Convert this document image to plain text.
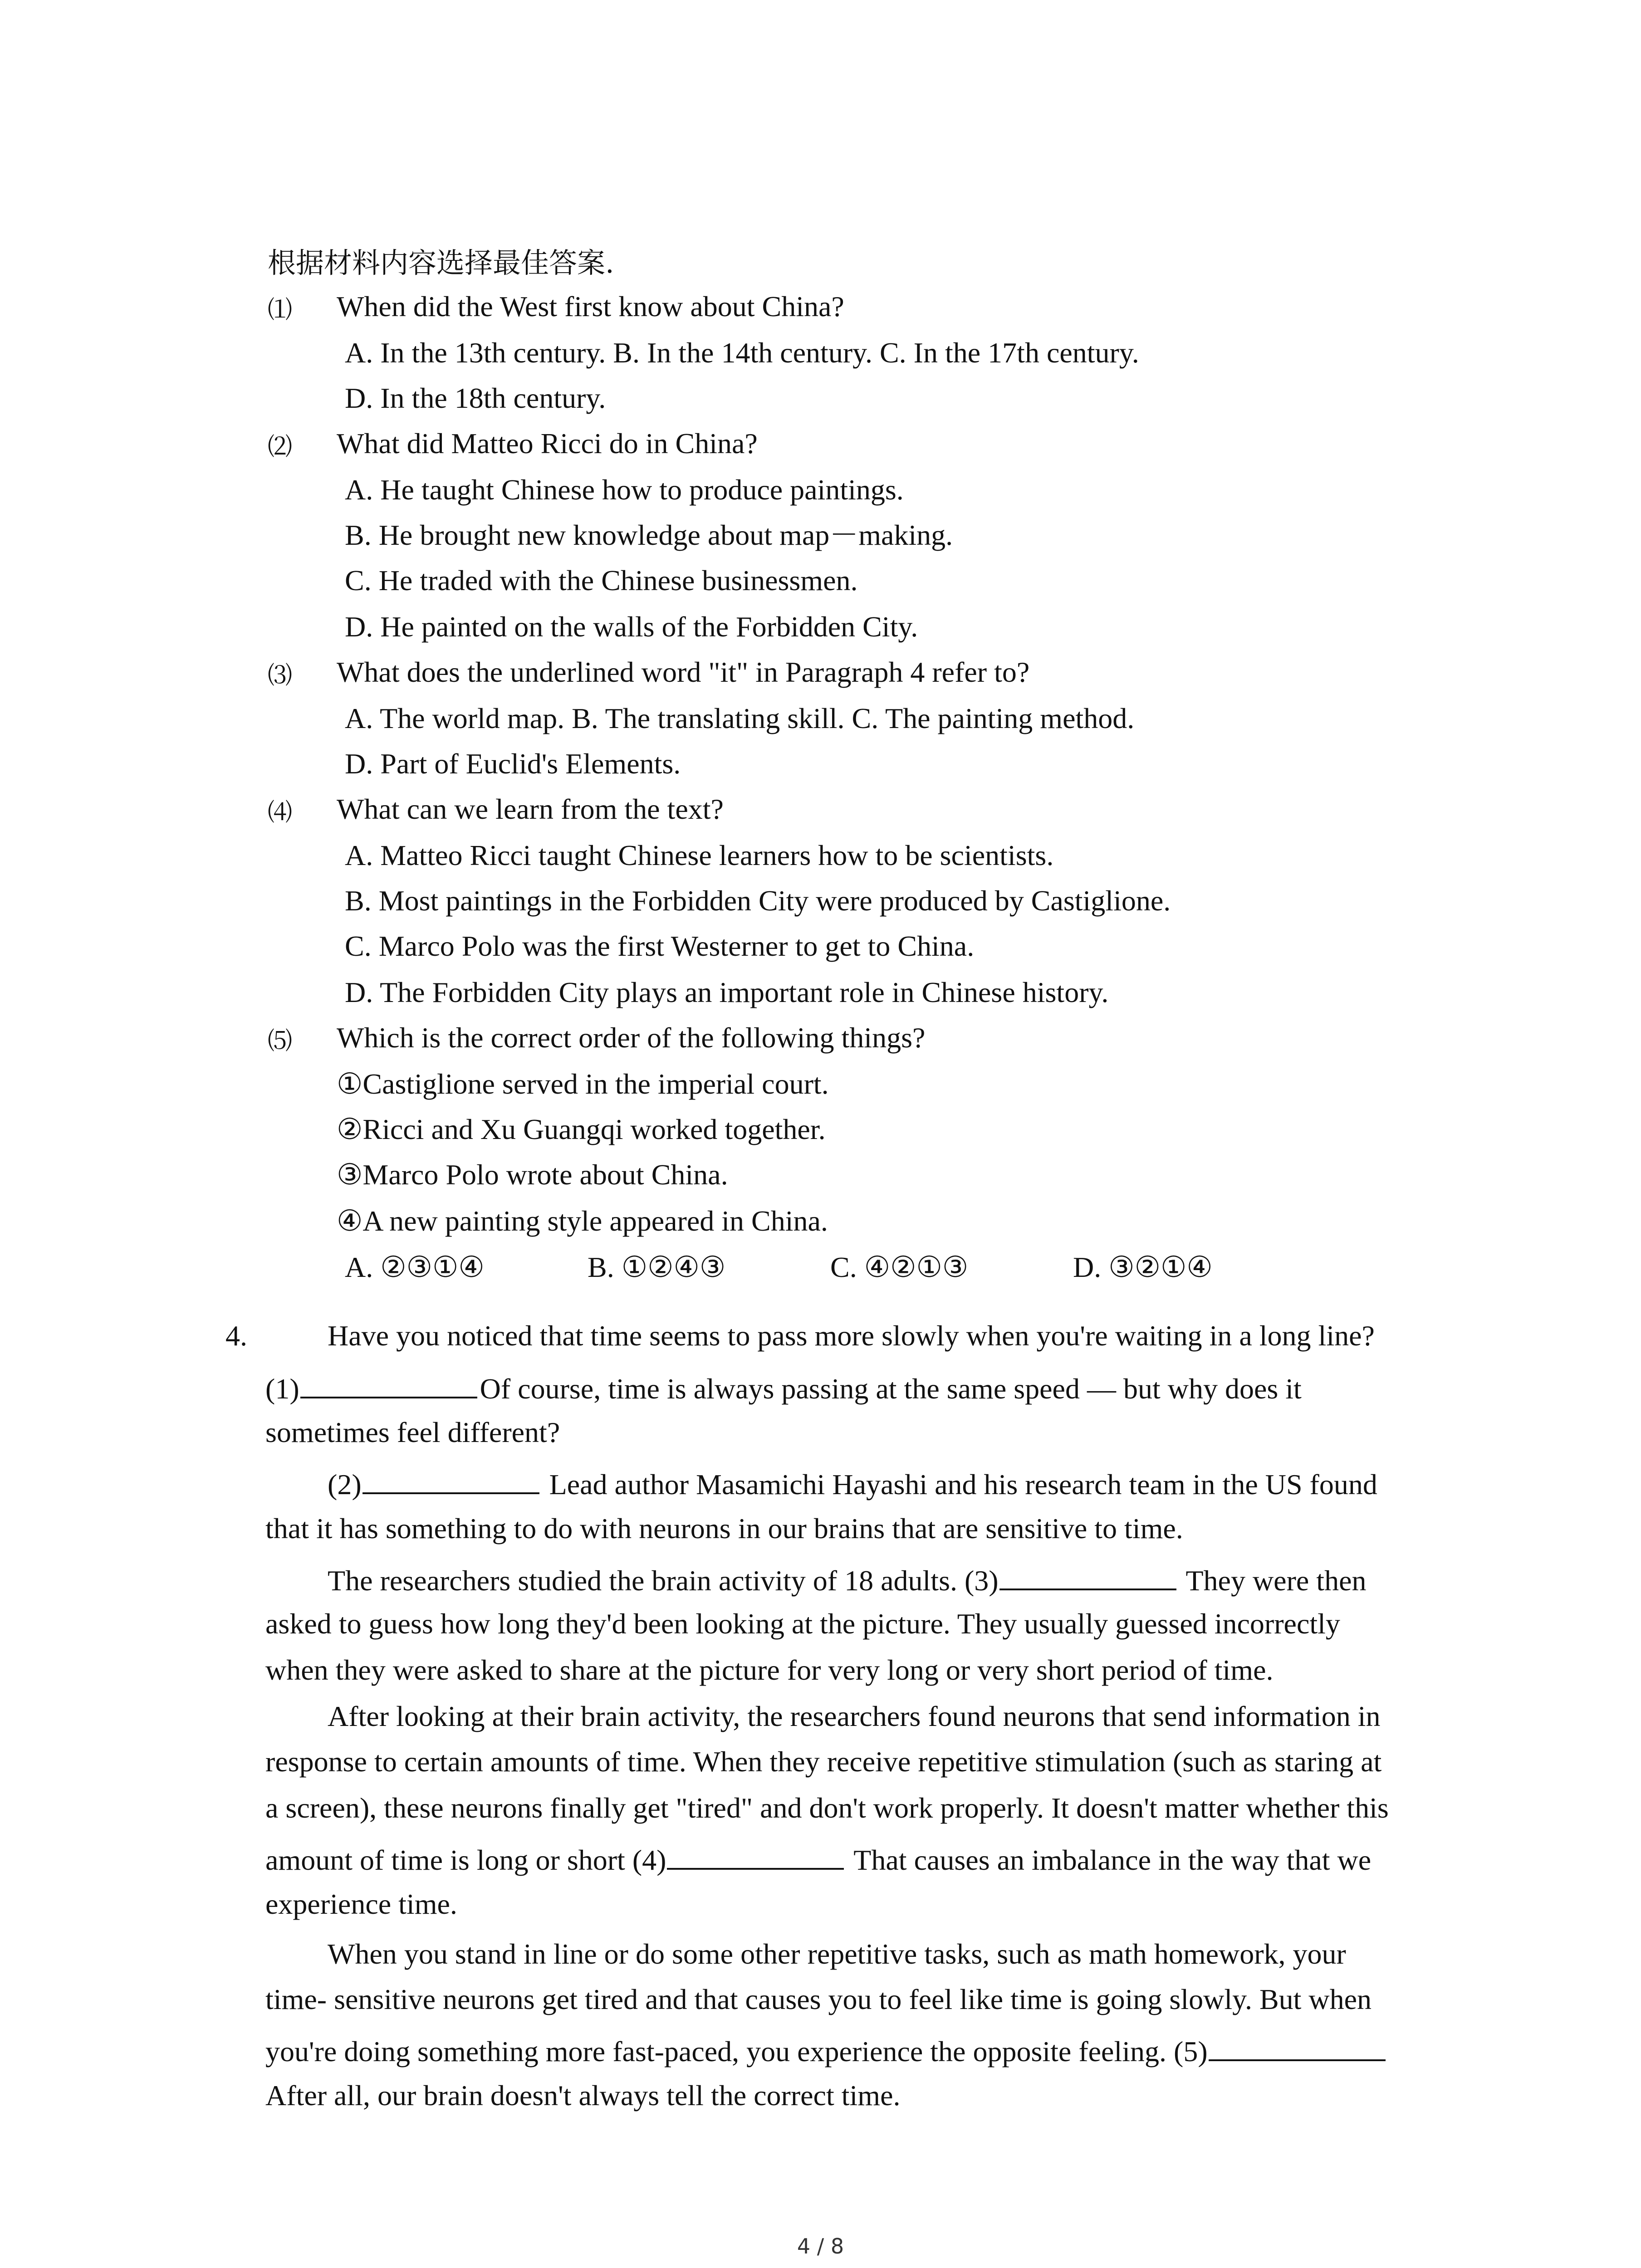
根据材料内容选择最佳答案.
⑴ When did the West first know about China?
A. In the 13th century. B. In the 14th century. C. In the 17th century.
D. In the 18th century.
⑵ What did Matteo Ricci do in China?
A. He taught Chinese how to produce paintings.
B. He brought new knowledge about map－making.
C. He traded with the Chinese businessmen.
D. He painted on the walls of the Forbidden City.
⑶ What does the underlined word "it" in Paragraph 4 refer to?
A. The world map. B. The translating skill. C. The painting method.
D. Part of Euclid's Elements.
⑷ What can we learn from the text?
A. Matteo Ricci taught Chinese learners how to be scientists.
B. Most paintings in the Forbidden City were produced by Castiglione.
C. Marco Polo was the first Westerner to get to China.
D. The Forbidden City plays an important role in Chinese history.
⑸ Which is the correct order of the following things?
①Castiglione served in the imperial court.
②Ricci and Xu Guangqi worked together.
③Marco Polo wrote about China.
④A new painting style appeared in China.
A. ②③①④	B. ①②④③	C. ④②①③	D. ③②①④
4.	Have you noticed that time seems to pass more slowly when you're waiting in a long line?
(1)	Of course, time is always passing at the same speed — but why does it
sometimes feel different?
(2)	Lead author Masamichi Hayashi and his research team in the US found
that it has something to do with neurons in our brains that are sensitive to time.
The researchers studied the brain activity of 18 adults. (3)	They were then
asked to guess how long they'd been looking at the picture. They usually guessed incorrectly
when they were asked to share at the picture for very long or very short period of time.
After looking at their brain activity, the researchers found neurons that send information in
response to certain amounts of time. When they receive repetitive stimulation (such as staring at
a screen), these neurons finally get "tired" and don't work properly. It doesn't matter whether this
amount of time is long or short (4)	That causes an imbalance in the way that we
experience time.
When you stand in line or do some other repetitive tasks, such as math homework, your
time- sensitive neurons get tired and that causes you to feel like time is going slowly. But when
you're doing something more fast-paced, you experience the opposite feeling. (5)
After all, our brain doesn't always tell the correct time.
4 / 8
